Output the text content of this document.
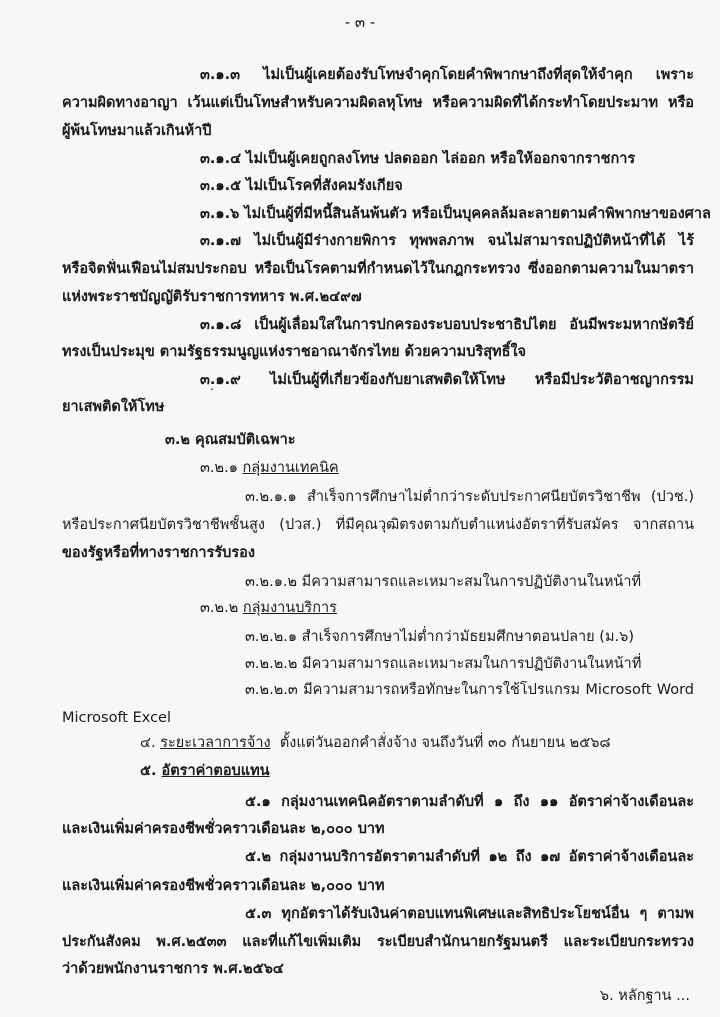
- ๓ -
๓.๑.๓ ไม่เป็นผู้เคยต้องรับโทษจำคุกโดยคำพิพากษาถึงที่สุดให้จำคุก เพราะ
ความผิดทางอาญา เว้นแต่เป็นโทษสำหรับความผิดลหุโทษ หรือความผิดที่ได้กระทำโดยประมาท หรือ
ผู้พ้นโทษมาแล้วเกินห้าปี
๓.๑.๔ ไม่เป็นผู้เคยถูกลงโทษ ปลดออก ไล่ออก หรือให้ออกจากราชการ
๓.๑.๕ ไม่เป็นโรคที่สังคมรังเกียจ
๓.๑.๖ ไม่เป็นผู้ที่มีหนี้สินล้นพ้นตัว หรือเป็นบุคคลล้มละลายตามคำพิพากษาของศาล
๓.๑.๗ ไม่เป็นผู้มีร่างกายพิการ ทุพพลภาพ จนไม่สามารถปฏิบัติหน้าที่ได้ ไร้
หรือจิตฟั่นเฟือนไม่สมประกอบ หรือเป็นโรคตามที่กำหนดไว้ในกฎกระทรวง ซึ่งออกตามความในมาตรา
แห่งพระราชบัญญัติรับราชการทหาร พ.ศ.๒๔๙๗
๓.๑.๘ เป็นผู้เลื่อมใสในการปกครองระบอบประชาธิปไตย อันมีพระมหากษัตริย์
ทรงเป็นประมุข ตามรัฐธรรมนูญแห่งราชอาณาจักรไทย ด้วยความบริสุทธิ์ใจ
๓.๑.๙ ไม่เป็นผู้ที่เกี่ยวข้องกับยาเสพติดให้โทษ หรือมีประวัติอาชญากรรม
ยาเสพติดให้โทษ
๓.๒ คุณสมบัติเฉพาะ
๓.๒.๑ กลุ่มงานเทคนิค
๓.๒.๑.๑ สำเร็จการศึกษาไม่ต่ำกว่าระดับประกาศนียบัตรวิชาชีพ (ปวช.)
หรือประกาศนียบัตรวิชาชีพชั้นสูง (ปวส.) ที่มีคุณวุฒิตรงตามกับตำแหน่งอัตราที่รับสมัคร จากสถาน
ของรัฐหรือที่ทางราชการรับรอง
๓.๒.๑.๒ มีความสามารถและเหมาะสมในการปฏิบัติงานในหน้าที่
๓.๒.๒ กลุ่มงานบริการ
๓.๒.๒.๑ สำเร็จการศึกษาไม่ต่ำกว่ามัธยมศึกษาตอนปลาย (ม.๖)
๓.๒.๒.๒ มีความสามารถและเหมาะสมในการปฏิบัติงานในหน้าที่
๓.๒.๒.๓ มีความสามารถหรือทักษะในการใช้โปรแกรม Microsoft Word
Microsoft Excel
๔. ระยะเวลาการจ้าง  ตั้งแต่วันออกคำสั่งจ้าง จนถึงวันที่ ๓๐ กันยายน ๒๕๖๘
๕. อัตราค่าตอบแทน
๕.๑ กลุ่มงานเทคนิคอัตราตามลำดับที่ ๑ ถึง ๑๑ อัตราค่าจ้างเดือนละ
และเงินเพิ่มค่าครองชีพชั่วคราวเดือนละ ๒,๐๐๐ บาท
๕.๒ กลุ่มงานบริการอัตราตามลำดับที่ ๑๒ ถึง ๑๗ อัตราค่าจ้างเดือนละ
และเงินเพิ่มค่าครองชีพชั่วคราวเดือนละ ๒,๐๐๐ บาท
๕.๓ ทุกอัตราได้รับเงินค่าตอบแทนพิเศษและสิทธิประโยชน์อื่น ๆ ตามพ
ประกันสังคม พ.ศ.๒๕๓๓ และที่แก้ไขเพิ่มเติม ระเบียบสำนักนายกรัฐมนตรี และระเบียบกระทรวง
ว่าด้วยพนักงานราชการ พ.ศ.๒๕๖๔
๖. หลักฐาน ...
